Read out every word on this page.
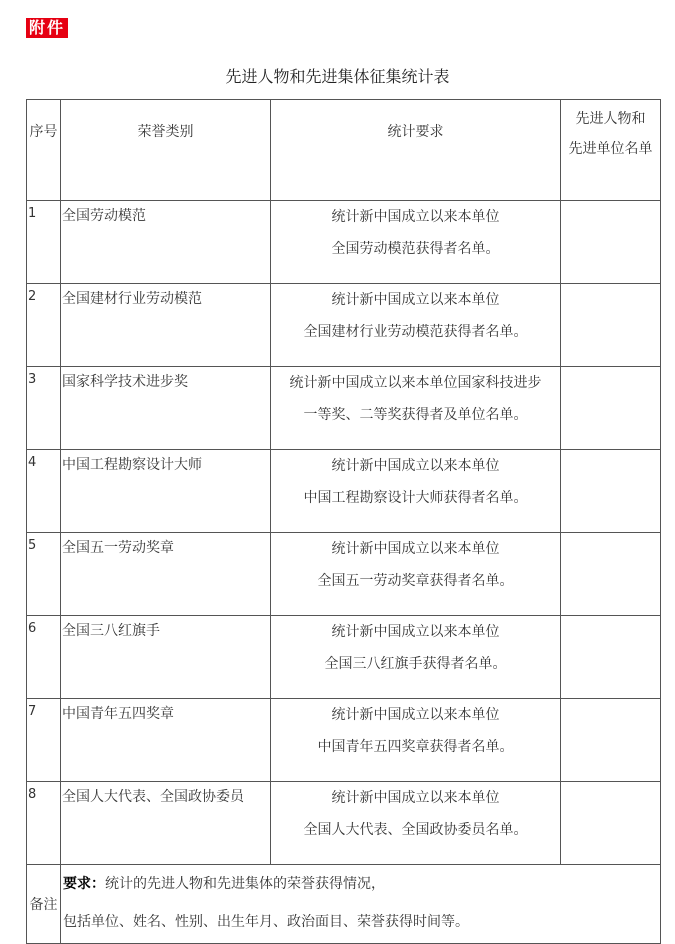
附件
先进人物和先进集体征集统计表
序号	荣誉类别	统计要求	先进人物和
先进单位名单

1	全国劳动模范	统计新中国成立以来本单位
全国劳动模范获得者名单。	

2	全国建材行业劳动模范	统计新中国成立以来本单位
全国建材行业劳动模范获得者名单。	

3	国家科学技术进步奖	统计新中国成立以来本单位国家科技进步
一等奖、二等奖获得者及单位名单。	

4	中国工程勘察设计大师	统计新中国成立以来本单位
中国工程勘察设计大师获得者名单。	

5	全国五一劳动奖章	统计新中国成立以来本单位
全国五一劳动奖章获得者名单。	

6	全国三八红旗手	统计新中国成立以来本单位
全国三八红旗手获得者名单。	

7	中国青年五四奖章	统计新中国成立以来本单位
中国青年五四奖章获得者名单。	

8	全国人大代表、全国政协委员	统计新中国成立以来本单位
全国人大代表、全国政协委员名单。	

备注	要求：统计的先进人物和先进集体的荣誉获得情况，
包括单位、姓名、性别、出生年月、政治面目、荣誉获得时间等。		
